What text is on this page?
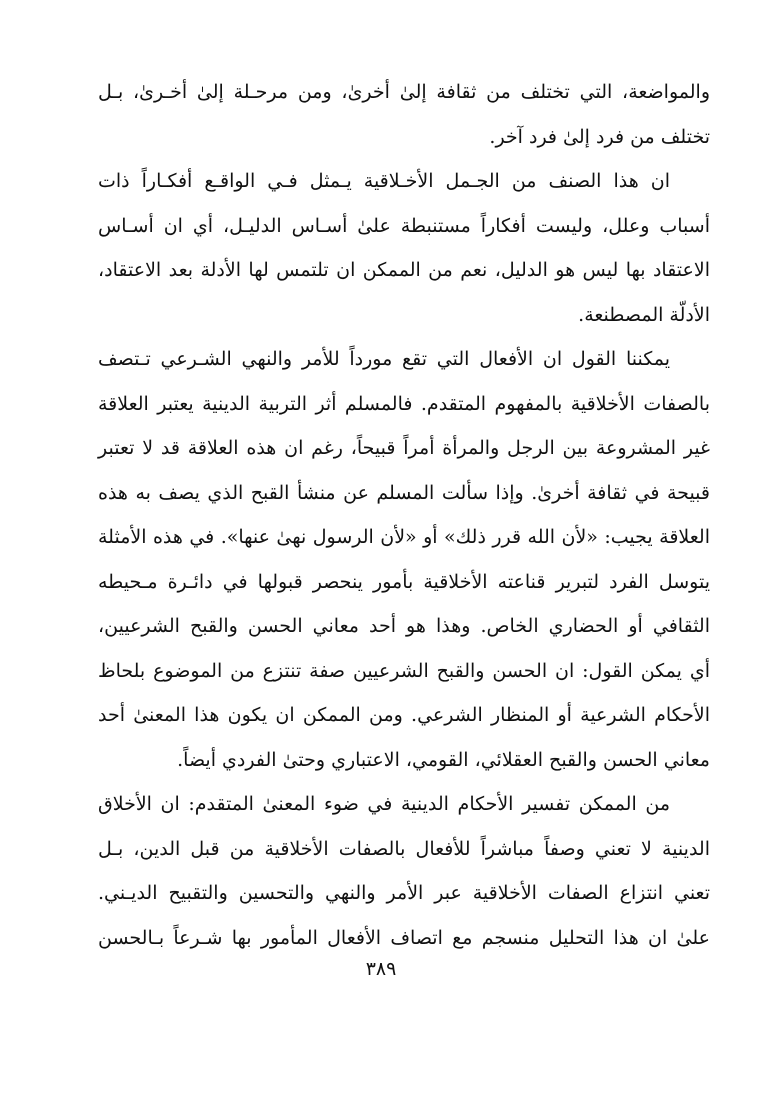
والمواضعة، التي تختلف من ثقافة إلىٰ أخرىٰ، ومن مرحـلة إلىٰ أخـرىٰ، بـل
تختلف من فرد إلىٰ فرد آخر.
ان هذا الصنف من الجـمل الأخـلاقية يـمثل فـي الواقـع أفكـاراً ذات
أسباب وعلل، وليست أفكاراً مستنبطة علىٰ أسـاس الدليـل، أي ان أسـاس
الاعتقاد بها ليس هو الدليل، نعم من الممكن ان تلتمس لها الأدلة بعد الاعتقاد،
الأدلّة المصطنعة.
يمكننا القول ان الأفعال التي تقع مورداً للأمر والنهي الشـرعي تـتصف
بالصفات الأخلاقية بالمفهوم المتقدم. فالمسلم أثر التربية الدينية يعتبر العلاقة
غير المشروعة بين الرجل والمرأة أمراً قبيحاً، رغم ان هذه العلاقة قد لا تعتبر
قبيحة في ثقافة أخرىٰ. وإذا سألت المسلم عن منشأ القبح الذي يصف به هذه
العلاقة يجيب: «لأن الله قرر ذلك» أو «لأن الرسول نهىٰ عنها». في هذه الأمثلة
يتوسل الفرد لتبرير قناعته الأخلاقية بأمور ينحصر قبولها في دائـرة مـحيطه
الثقافي أو الحضاري الخاص. وهذا هو أحد معاني الحسن والقبح الشرعيين،
أي يمكن القول: ان الحسن والقبح الشرعيين صفة تنتزع من الموضوع بلحاظ
الأحكام الشرعية أو المنظار الشرعي. ومن الممكن ان يكون هذا المعنىٰ أحد
معاني الحسن والقبح العقلائي، القومي، الاعتباري وحتىٰ الفردي أيضاً.
من الممكن تفسير الأحكام الدينية في ضوء المعنىٰ المتقدم: ان الأخلاق
الدينية لا تعني وصفاً مباشراً للأفعال بالصفات الأخلاقية من قبل الدين، بـل
تعني انتزاع الصفات الأخلاقية عبر الأمر والنهي والتحسين والتقبيح الديـني.
علىٰ ان هذا التحليل منسجم مع اتصاف الأفعال المأمور بها شـرعاً بـالحسن
٣٨٩
